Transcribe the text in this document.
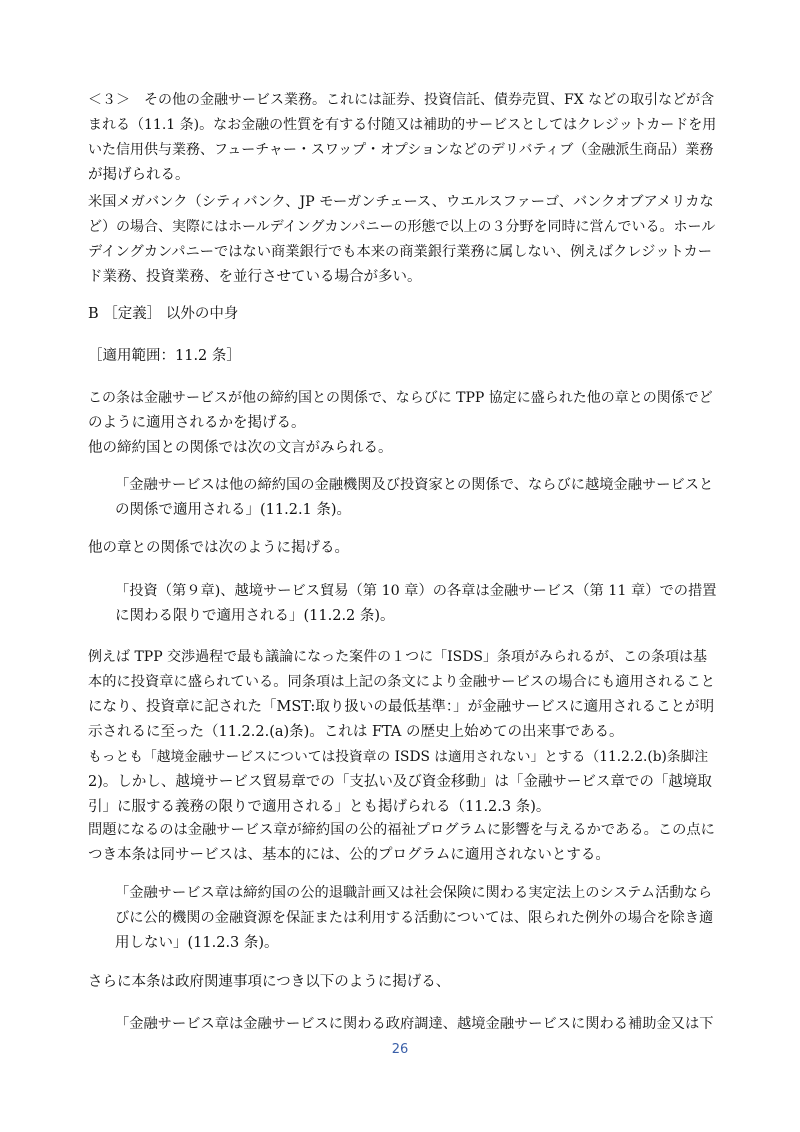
＜３＞　その他の金融サービス業務。これには証券、投資信託、債券売買、FX などの取引などが含
まれる（11.1 条)。なお金融の性質を有する付随又は補助的サービスとしてはクレジットカードを用
いた信用供与業務、フューチャー・スワップ・オプションなどのデリバティブ（金融派生商品）業務
が掲げられる。
米国メガバンク（シティバンク、JP モーガンチェース、ウエルスファーゴ、バンクオブアメリカな
ど）の場合、実際にはホールデイングカンパニーの形態で以上の３分野を同時に営んでいる。ホール
デイングカンパニーではない商業銀行でも本来の商業銀行業務に属しない、例えばクレジットカー
ド業務、投資業務、を並行させている場合が多い。
B ［定義］ 以外の中身
［適用範囲：11.2 条］
この条は金融サービスが他の締約国との関係で、ならびに TPP 協定に盛られた他の章との関係でど
のように適用されるかを掲げる。
他の締約国との関係では次の文言がみられる。
「金融サービスは他の締約国の金融機関及び投資家との関係で、ならびに越境金融サービスと
の関係で適用される」(11.2.1 条)。
他の章との関係では次のように掲げる。
「投資（第９章)、越境サービス貿易（第 10 章）の各章は金融サービス（第 11 章）での措置
に関わる限りで適用される」(11.2.2 条)。
例えば TPP 交渉過程で最も議論になった案件の１つに「ISDS」条項がみられるが、この条項は基
本的に投資章に盛られている。同条項は上記の条文により金融サービスの場合にも適用されること
になり、投資章に記された「MST:取り扱いの最低基準：」が金融サービスに適用されることが明
示されるに至った（11.2.2.(a)条)。これは FTA の歴史上始めての出来事である。
もっとも「越境金融サービスについては投資章の ISDS は適用されない」とする（11.2.2.(b)条脚注
2)。しかし、越境サービス貿易章での「支払い及び資金移動」は「金融サービス章での「越境取
引」に服する義務の限りで適用される」とも掲げられる（11.2.3 条)。
問題になるのは金融サービス章が締約国の公的福祉プログラムに影響を与えるかである。この点に
つき本条は同サービスは、基本的には、公的プログラムに適用されないとする。
「金融サービス章は締約国の公的退職計画又は社会保険に関わる実定法上のシステム活動なら
びに公的機関の金融資源を保証または利用する活動については、限られた例外の場合を除き適
用しない」(11.2.3 条)。
さらに本条は政府関連事項につき以下のように掲げる、
「金融サービス章は金融サービスに関わる政府調達、越境金融サービスに関わる補助金又は下
26
